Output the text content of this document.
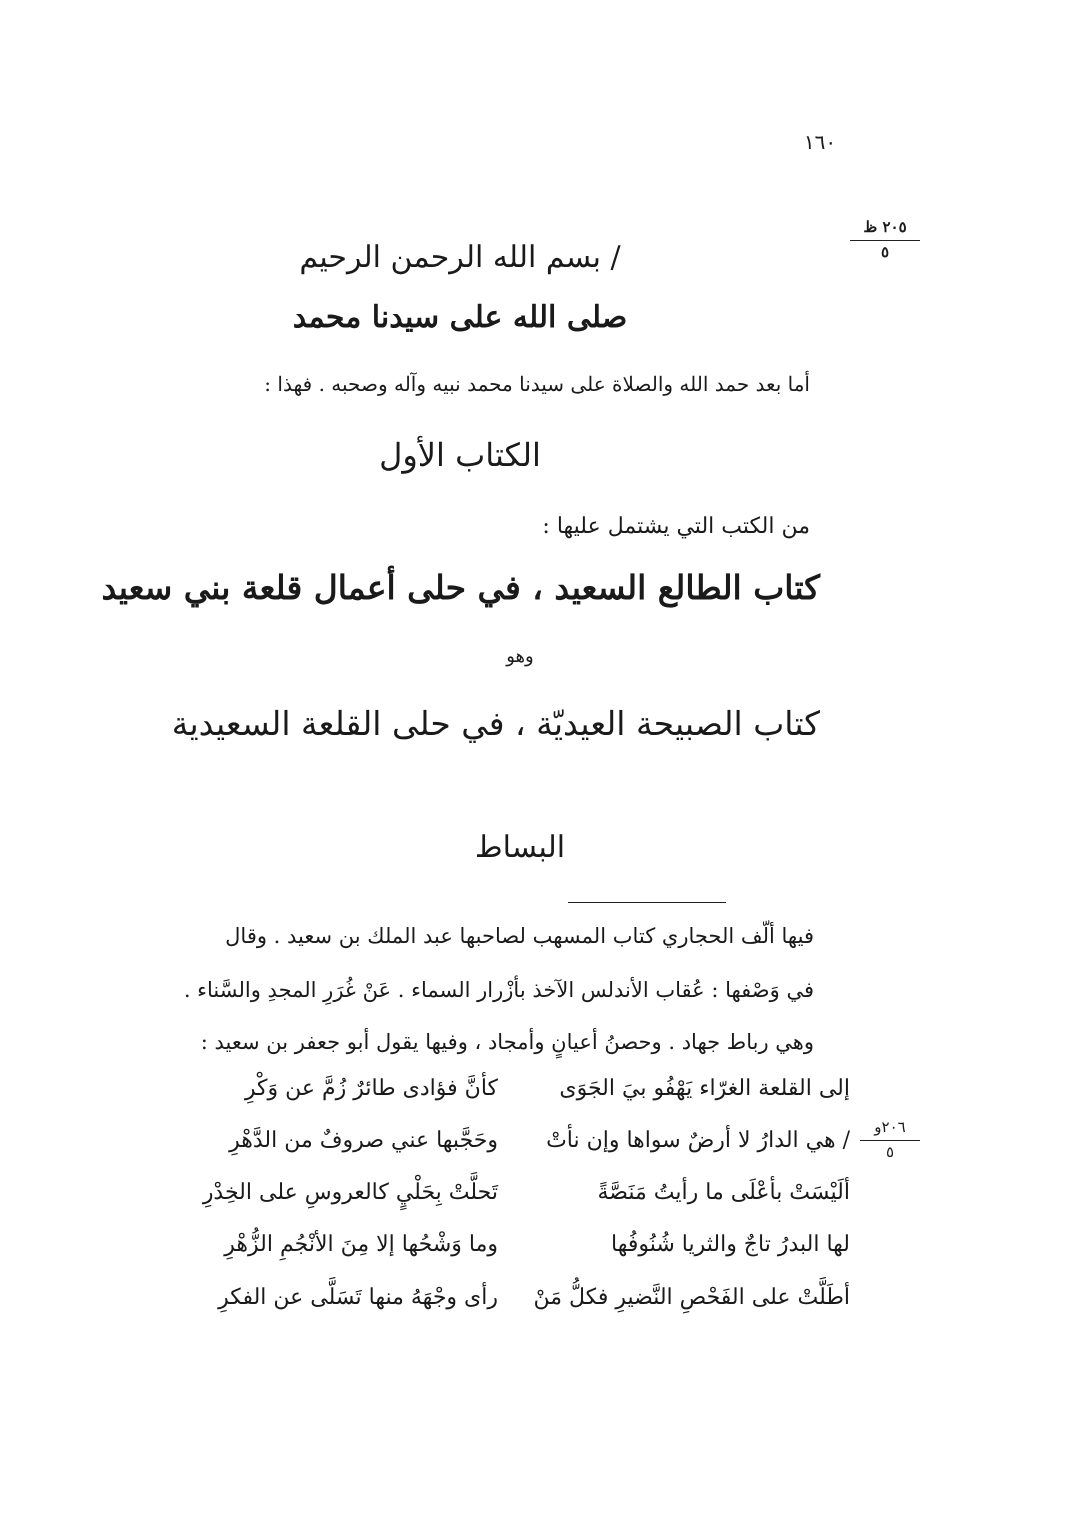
١٦٠
٢٠٥ ظ
٥
/ بسم الله الرحمن الرحيم
صلى الله على سيدنا محمد
أما بعد حمد الله والصلاة على سيدنا محمد نبيه وآله وصحبه . فهذا :
الكتاب الأول
من الكتب التي يشتمل عليها :
كتاب الطالع السعيد ، في حلى أعمال قلعة بني سعيد
وهو
كتاب الصبيحة العيديّة ، في حلى القلعة السعيدية
البساط
فيها ألّف الحجاري كتاب المسهب لصاحبها عبد الملك بن سعيد . وقال
في وَصْفها : عُقاب الأندلس الآخذ بأزْرار السماء . عَنْ غُرَرِ المجدِ والسَّناء .
وهي رباط جهاد . وحصنُ أعيانٍ وأمجاد ، وفيها يقول أبو جعفر بن سعيد :
٢٠٦و
٥
إلى القلعة الغرّاء يَهْفُو بيَ الجَوَى
كأنَّ فؤادى طائرٌ زُمَّ عن وَكْرِ
/ هي الدارُ لا أرضٌ سواها وإن نأتْ
وحَجَّبها عني صروفٌ من الدَّهْرِ
ألَيْسَتْ بأعْلَى ما رأيتُ مَنَصَّةً
تَحلَّتْ بِحَلْيٍ كالعروسِ على الخِدْرِ
لها البدرُ تاجٌ والثريا شُنُوفُها
وما وَشْحُها إلا مِنَ الأنْجُمِ الزُّهْرِ
أطَلَّتْ على الفَحْصِ النَّضيرِ فكلُّ مَنْ
رأى وجْهَهُ منها تَسَلَّى عن الفكرِ
